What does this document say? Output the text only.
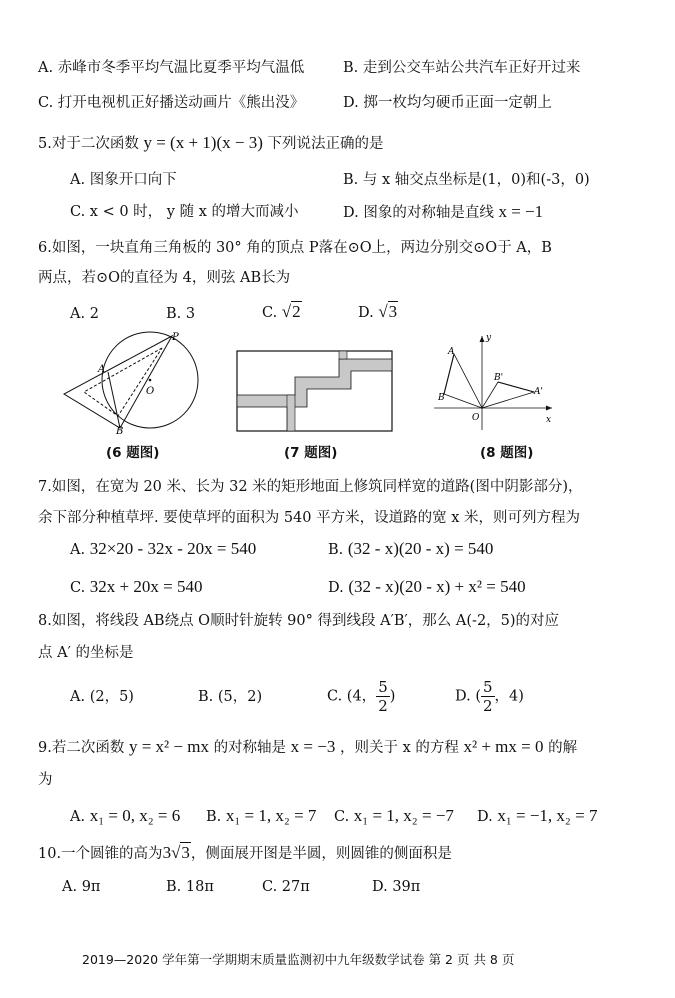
A. 赤峰市冬季平均气温比夏季平均气温低	B. 走到公交车站公共汽车正好开过来
C. 打开电视机正好播送动画片《熊出没》	D. 掷一枚均匀硬币正面一定朝上
5.对于二次函数 y = (x + 1)(x − 3) 下列说法正确的是
A. 图象开口向下	B. 与 x 轴交点坐标是(1，0)和(-3，0)
C. x < 0 时， y 随 x 的增大而减小	D. 图象的对称轴是直线 x = −1
6.如图，一块直角三角板的 30° 角的顶点 P落在⊙O上，两边分别交⊙O于 A，B
两点，若⊙O的直径为 4，则弦 AB长为
A. 2	B. 3	C. √2	D. √3
P
A
B
O
(6 题图)	(7 题图)
y
x
O
A
B
A'
B'
(8 题图)
7.如图，在宽为 20 米、长为 32 米的矩形地面上修筑同样宽的道路(图中阴影部分)，
余下部分种植草坪. 要使草坪的面积为 540 平方米，设道路的宽 x 米，则可列方程为
A. 32×20 - 32x - 20x = 540	B. (32 - x)(20 - x) = 540
C. 32x + 20x = 540	D. (32 - x)(20 - x) + x² = 540
8.如图，将线段 AB绕点 O顺时针旋转 90° 得到线段 A′B′，那么 A(-2，5)的对应
点 A′ 的坐标是
A. (2，5)	B. (5，2)	C. (4， $\frac{5}{2}$ )	D. ( $\frac{5}{2}$ ，4)
9.若二次函数 y = x² − mx 的对称轴是 x = −3 ，则关于 x 的方程 x² + mx = 0 的解
为
A. x₁ = 0, x₂ = 6 B. x₁ = 1, x₂ = 7 C. x₁ = 1, x₂ = −7 D. x₁ = −1, x₂ = 7
10.一个圆锥的高为3√3，侧面展开图是半圆，则圆锥的侧面积是
A. 9π	B. 18π	C. 27π	D. 39π
2019—2020 学年第一学期期末质量监测初中九年级数学试卷 第 2 页 共 8 页
